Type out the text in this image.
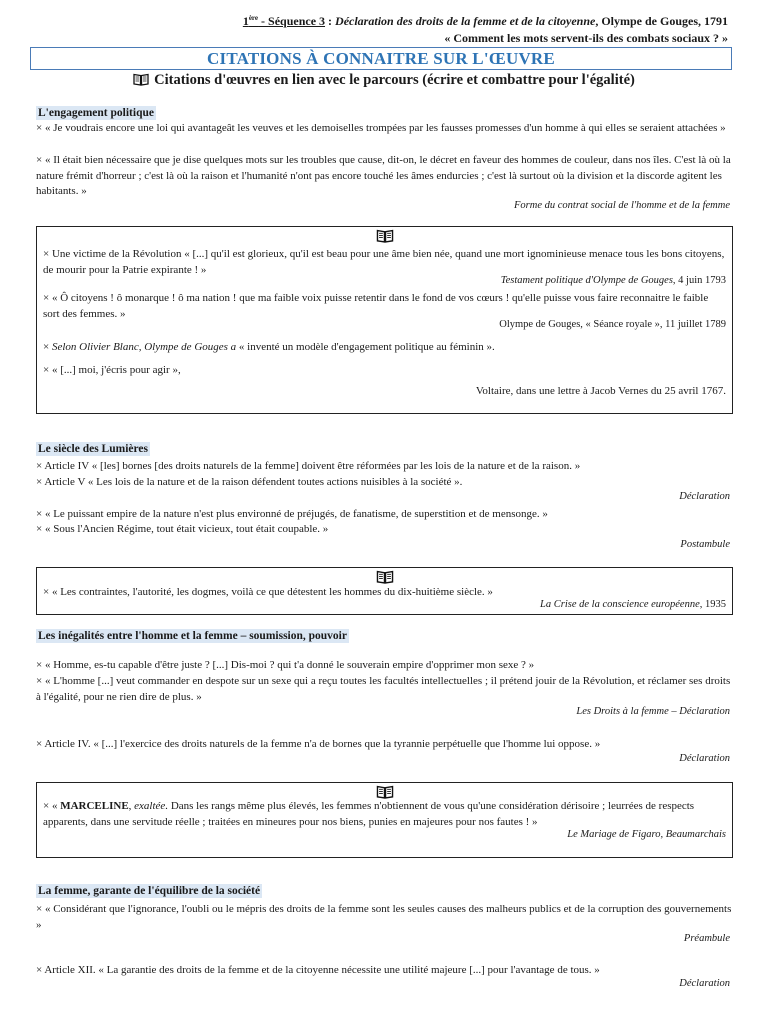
1ère - Séquence 3 : Déclaration des droits de la femme et de la citoyenne, Olympe de Gouges, 1791
« Comment les mots servent-ils des combats sociaux ? »
CITATIONS À CONNAITRE SUR L'ŒUVRE
Citations d'œuvres en lien avec le parcours (écrire et combattre pour l'égalité)
L'engagement politique
× « Je voudrais encore une loi qui avantageât les veuves et les demoiselles trompées par les fausses promesses d'un homme à qui elles se seraient attachées »
× « Il était bien nécessaire que je dise quelques mots sur les troubles que cause, dit-on, le décret en faveur des hommes de couleur, dans nos îles. C'est là où la nature frémit d'horreur ; c'est là où la raison et l'humanité n'ont pas encore touché les âmes endurcies ; c'est là surtout où la division et la discorde agitent les habitants. »
Forme du contrat social de l'homme et de la femme
× Une victime de la Révolution « [...] qu'il est glorieux, qu'il est beau pour une âme bien née, quand une mort ignominieuse menace tous les bons citoyens, de mourir pour la Patrie expirante ! »
Testament politique d'Olympe de Gouges, 4 juin 1793
× « Ô citoyens ! ô monarque ! ô ma nation ! que ma faible voix puisse retentir dans le fond de vos cœurs ! qu'elle puisse vous faire reconnaitre le faible sort des femmes. »
Olympe de Gouges, « Séance royale », 11 juillet 1789
× Selon Olivier Blanc, Olympe de Gouges a « inventé un modèle d'engagement politique au féminin ».
× « [...] moi, j'écris pour agir »,
Voltaire, dans une lettre à Jacob Vernes du 25 avril 1767.
Le siècle des Lumières
× Article IV « [les] bornes [des droits naturels de la femme] doivent être réformées par les lois de la nature et de la raison. »
× Article V « Les lois de la nature et de la raison défendent toutes actions nuisibles à la société ».
Déclaration
× « Le puissant empire de la nature n'est plus environné de préjugés, de fanatisme, de superstition et de mensonge. »
× « Sous l'Ancien Régime, tout était vicieux, tout était coupable. »
Postambule
× « Les contraintes, l'autorité, les dogmes, voilà ce que détestent les hommes du dix-huitième siècle. »
La Crise de la conscience européenne, 1935
Les inégalités entre l'homme et la femme – soumission, pouvoir
× « Homme, es-tu capable d'être juste ? [...] Dis-moi ? qui t'a donné le souverain empire d'opprimer mon sexe ? »
× « L'homme [...] veut commander en despote sur un sexe qui a reçu toutes les facultés intellectuelles ; il prétend jouir de la Révolution, et réclamer ses droits à l'égalité, pour ne rien dire de plus. »
Les Droits à la femme – Déclaration
× Article IV. « [...] l'exercice des droits naturels de la femme n'a de bornes que la tyrannie perpétuelle que l'homme lui oppose. »
Déclaration
× « MARCELINE, exaltée. Dans les rangs même plus élevés, les femmes n'obtiennent de vous qu'une considération dérisoire ; leurrées de respects apparents, dans une servitude réelle ; traitées en mineures pour nos biens, punies en majeures pour nos fautes ! »
Le Mariage de Figaro, Beaumarchais
La femme, garante de l'équilibre de la société
× « Considérant que l'ignorance, l'oubli ou le mépris des droits de la femme sont les seules causes des malheurs publics et de la corruption des gouvernements »
Préambule
× Article XII. « La garantie des droits de la femme et de la citoyenne nécessite une utilité majeure [...] pour l'avantage de tous. »
Déclaration
